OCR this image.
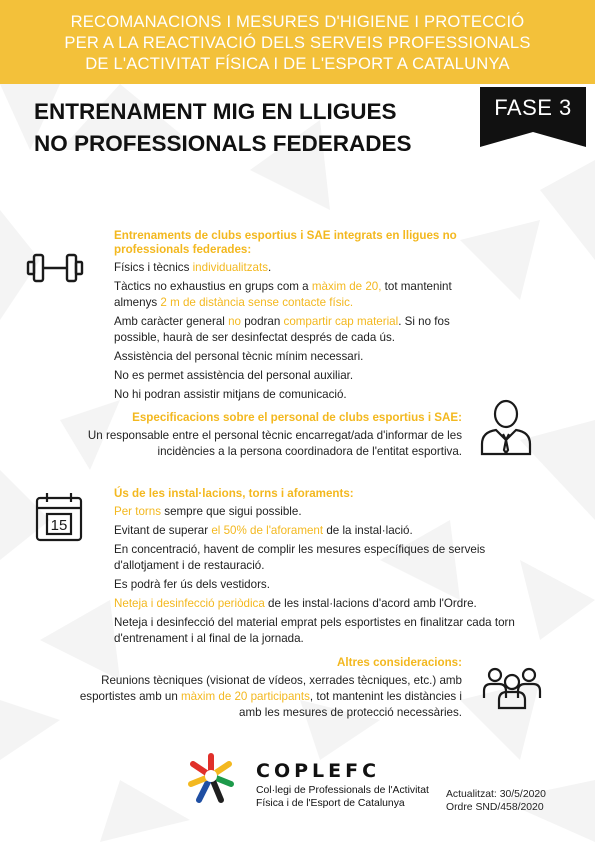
RECOMANACIONS I MESURES D'HIGIENE I PROTECCIÓ
PER A LA REACTIVACIÓ DELS SERVEIS PROFESSIONALS
DE L'ACTIVITAT FÍSICA I DE L'ESPORT A CATALUNYA
ENTRENAMENT MIG EN LLIGUES
NO PROFESSIONALS FEDERADES
FASE 3
Entrenaments de clubs esportius i SAE integrats en lligues no professionals federades:
Físics i tècnics individualitzats.
Tàctics no exhaustius en grups com a màxim de 20, tot mantenint almenys 2 m de distància sense contacte físic.
Amb caràcter general no podran compartir cap material. Si no fos possible, haurà de ser desinfectat després de cada ús.
Assistència del personal tècnic mínim necessari.
No es permet assistència del personal auxiliar.
No hi podran assistir mitjans de comunicació.
Especificacions sobre el personal de clubs esportius i SAE:
Un responsable entre el personal tècnic encarregat/ada d'informar de les incidències a la persona coordinadora de l'entitat esportiva.
15
Ús de les instal·lacions, torns i aforaments:
Per torns sempre que sigui possible.
Evitant de superar el 50% de l'aforament de la instal·lació.
En concentració, havent de complir les mesures específiques de serveis d'allotjament i de restauració.
Es podrà fer ús dels vestidors.
Neteja i desinfecció periòdica de les instal·lacions d'acord amb l'Ordre.
Neteja i desinfecció del material emprat pels esportistes en finalitzar cada torn d'entrenament i al final de la jornada.
Altres consideracions:
Reunions tècniques (visionat de vídeos, xerrades tècniques, etc.) amb esportistes amb un màxim de 20 participants, tot mantenint les distàncies i amb les mesures de protecció necessàries.
COPLEFC
Col·legi de Professionals de l'Activitat
Física i de l'Esport de Catalunya
Actualitzat: 30/5/2020
Ordre SND/458/2020
